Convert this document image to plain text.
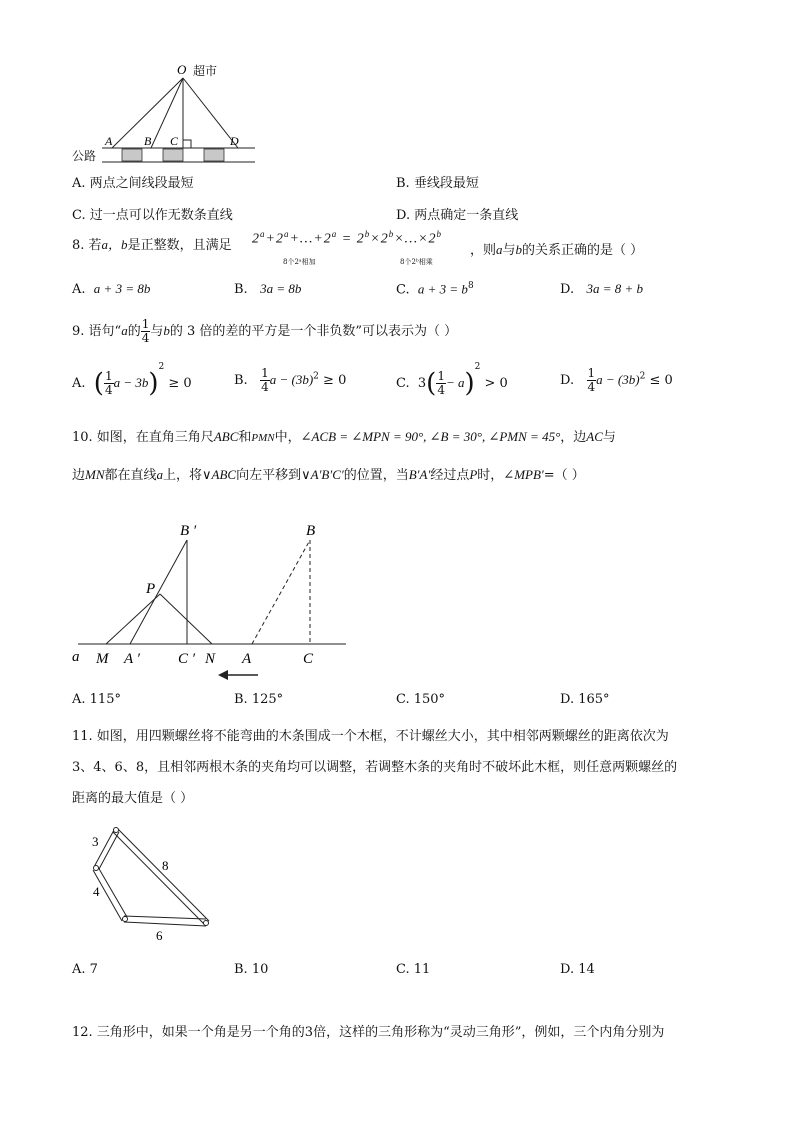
O
A	B C	D
超市
公路
A. 两点之间线段最短	B. 垂线段最短
C. 过一点可以作无数条直线	D. 两点确定一条直线
8. 若a，b是正整数，且满足 $2^a+2^a+\dots+2^a$ = $2^b\times 2^b\times\dots\times 2^b$
8个2ᵃ相加	8个2ᵇ相乘
，则a与b的关系正确的是（ ）
A. a + 3 = 8b	B. 3a = 8b	C. $a + 3 = b^8$	D. 3a = 8 + b
9. 语句“a的 $\frac{1}{4}$ 与b的 3 倍的差的平方是一个非负数”可以表示为（ ）
A. ( $\frac{1}{4}$ a − 3b)$^2$ ≥ 0	B. $\frac{1}{4}$ $a - (3b)^2 \ge 0$	C. $3( \frac{1}{4} - a)^2 > 0$	D. $\frac{1}{4}$ $a - (3b)^2 \le 0$
10. 如图，在直角三角尺ABC和PMN中，∠ACB = ∠MPN = 90°, ∠B = 30°, ∠PMN = 45°，边AC与
边MN都在直线a上，将∨ABC向左平移到∨A′B′C′的位置，当B′A′经过点P时，∠MPB′=（ ）
B ′	B
P
a M A ′	C ′ N A	C
A. 115°	B. 125°	C. 150°	D. 165°
11. 如图，用四颗螺丝将不能弯曲的木条围成一个木框，不计螺丝大小，其中相邻两颗螺丝的距离依次为
3、4、6、8，且相邻两根木条的夹角均可以调整，若调整木条的夹角时不破坏此木框，则任意两颗螺丝的
距离的最大值是（ ）
3
8
4
6
A. 7	B. 10	C. 11	D. 14
12. 三角形中，如果一个角是另一个角的3倍，这样的三角形称为“灵动三角形”，例如，三个内角分别为
